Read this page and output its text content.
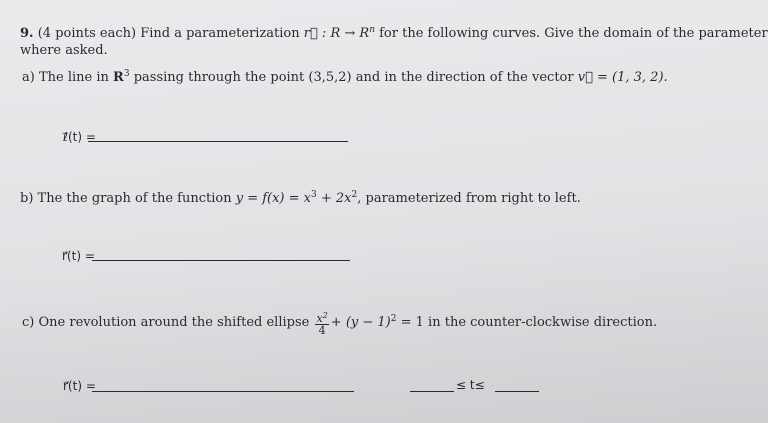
9. (4 points each) Find a parameterization r⃗ : $R \to R^n$ for the following curves. Give the domain of the parameter
where asked.
a) The line in $R^3$ passing through the point (3,5,2) and in the direction of the vector v⃗ = (1, 3, 2).
ℓ⃗(t) =
b) The the graph of the function $y = f(x) = x^3 + 2x^2$, parameterized from right to left.
r⃗(t) =
c) One revolution around the shifted ellipse $\frac{x^2}{4} + (y - 1)^2 = 1$ in the counter-clockwise direction.
r⃗(t) =	≤ t≤
